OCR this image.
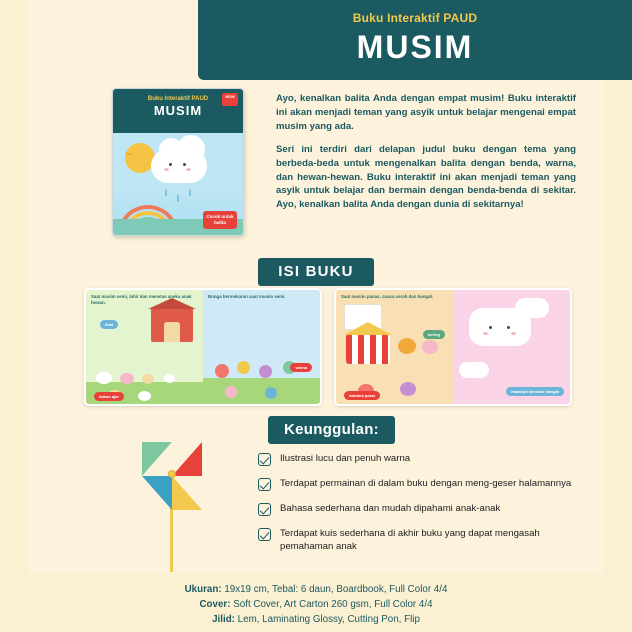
Buku Interaktif PAUD
MUSIM
Buku Interaktif PAUD
MUSIM
NEW
Cocok untuk balita

Ayo, kenalkan balita Anda dengan empat musim! Buku interaktif ini akan menjadi teman yang asyik untuk belajar mengenai empat musim yang ada.

Seri ini terdiri dari delapan judul buku dengan tema yang berbeda-beda untuk mengenalkan balita dengan benda, warna, dan hewan-hewan. Buku interaktif ini akan menjadi teman yang asyik untuk belajar dan bermain dengan benda-benda di sekitar. Ayo, kenalkan balita Anda dengan dunia di sekitarnya!

ISI BUKU
Saat musim semi, lahir dan menetas aneka anak hewan.
lihat
bahan ajar
Bunga bermekaran saat musim semi.
warna
Saat musim panas, cuaca cerah dan hangat.
kering
wahana pasar
matahari bersinar hangat
Keunggulan:
Ilustrasi lucu dan penuh warna
Terdapat permainan di dalam buku dengan meng-geser halamannya
Bahasa sederhana dan mudah dipahami anak-anak
Terdapat kuis sederhana di akhir buku yang dapat mengasah pemahaman anak
Ukuran: 19x19 cm, Tebal: 6 daun, Boardbook, Full Color 4/4
Cover: Soft Cover, Art Carton 260 gsm, Full Color 4/4
Jilid: Lem, Laminating Glossy, Cutting Pon, Flip
